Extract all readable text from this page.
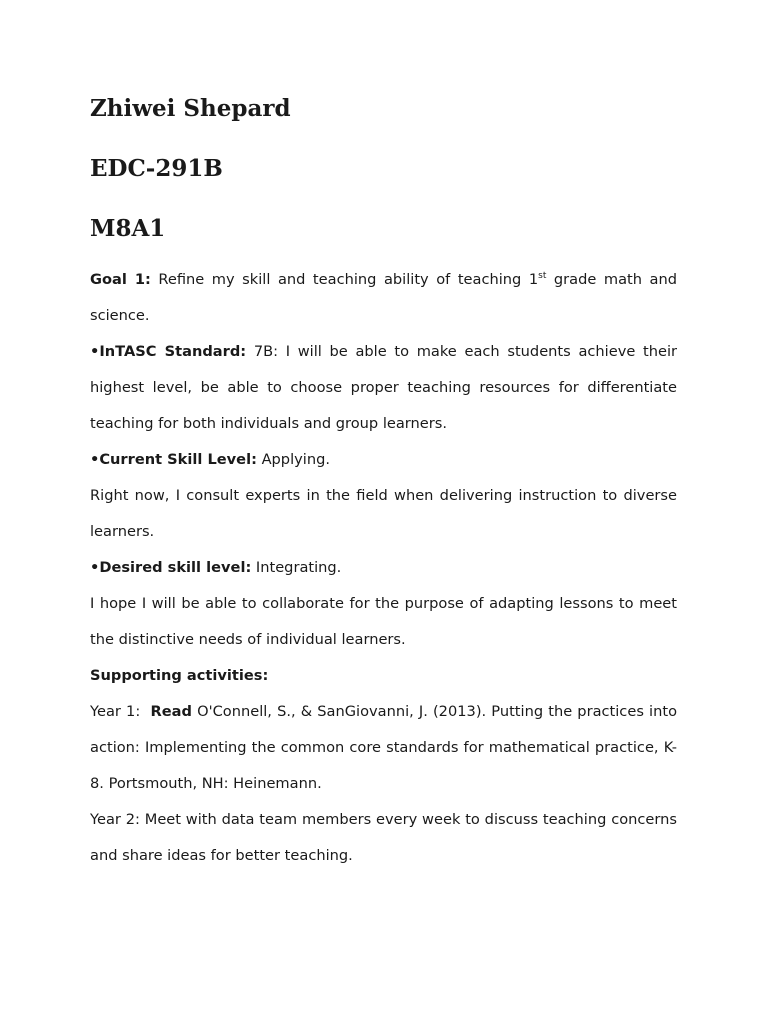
Zhiwei Shepard
EDC-291B
M8A1

Goal 1: Refine my skill and teaching ability of teaching 1st grade math and science.

•InTASC Standard: 7B: I will be able to make each students achieve their highest level, be able to choose proper teaching resources for differentiate teaching for both individuals and group learners.

•Current Skill Level: Applying.

Right now, I consult experts in the field when delivering instruction to diverse learners.

•Desired skill level: Integrating.

I hope I will be able to collaborate for the purpose of adapting lessons to meet the distinctive needs of individual learners.

Supporting activities:

Year 1: Read O'Connell, S., & SanGiovanni, J. (2013). Putting the practices into action: Implementing the common core standards for mathematical practice, K-8. Portsmouth, NH: Heinemann.

Year 2: Meet with data team members every week to discuss teaching concerns and share ideas for better teaching.
